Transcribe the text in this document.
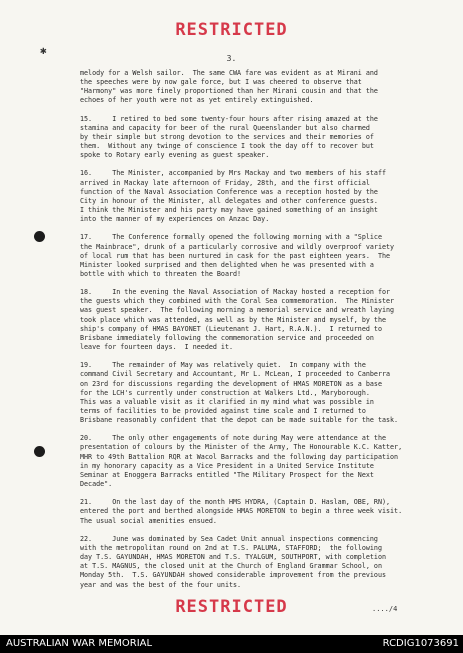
RESTRICTED
3.
✱
melody for a Welsh sailor.  The same CWA fare was evident as at Mirani and
the speeches were by now gale force, but I was cheered to observe that
"Harmony" was more finely proportioned than her Mirani cousin and that the
echoes of her youth were not as yet entirely extinguished.
15.     I retired to bed some twenty-four hours after rising amazed at the
stamina and capacity for beer of the rural Queenslander but also charmed
by their simple but strong devotion to the services and their memories of
them.  Without any twinge of conscience I took the day off to recover but
spoke to Rotary early evening as guest speaker.
16.     The Minister, accompanied by Mrs Mackay and two members of his staff
arrived in Mackay late afternoon of Friday, 28th, and the first official
function of the Naval Association Conference was a reception hosted by the
City in honour of the Minister, all delegates and other conference guests.
I think the Minister and his party may have gained something of an insight
into the manner of my experiences on Anzac Day.
17.     The Conference formally opened the following morning with a "Splice
the Mainbrace", drunk of a particularly corrosive and wildly overproof variety
of local rum that has been nurtured in cask for the past eighteen years.  The
Minister looked surprised and then delighted when he was presented with a
bottle with which to threaten the Board!
18.     In the evening the Naval Association of Mackay hosted a reception for
the guests which they combined with the Coral Sea commemoration.  The Minister
was guest speaker.  The following morning a memorial service and wreath laying
took place which was attended, as well as by the Minister and myself, by the
ship's company of HMAS BAYONET (Lieutenant J. Hart, R.A.N.).  I returned to
Brisbane immediately following the commemoration service and proceeded on
leave for fourteen days.  I needed it.
19.     The remainder of May was relatively quiet.  In company with the
command Civil Secretary and Accountant, Mr L. McLean, I proceeded to Canberra
on 23rd for discussions regarding the development of HMAS MORETON as a base
for the LCH's currently under construction at Walkers Ltd., Maryborough.
This was a valuable visit as it clarified in my mind what was possible in
terms of facilities to be provided against time scale and I returned to
Brisbane reasonably confident that the depot can be made suitable for the task.
20.     The only other engagements of note during May were attendance at the
presentation of colours by the Minister of the Army, The Honourable K.C. Katter,
MHR to 49th Battalion RQR at Wacol Barracks and the following day participation
in my honorary capacity as a Vice President in a United Service Institute
Seminar at Enoggera Barracks entitled "The Military Prospect for the Next
Decade".
21.     On the last day of the month HMS HYDRA, (Captain D. Haslam, OBE, RN),
entered the port and berthed alongside HMAS MORETON to begin a three week visit.
The usual social amenities ensued.
22.     June was dominated by Sea Cadet Unit annual inspections commencing
with the metropolitan round on 2nd at T.S. PALUMA, STAFFORD;  the following
day T.S. GAYUNDAH, HMAS MORETON and T.S. TYALGUM, SOUTHPORT, with completion
at T.S. MAGNUS, the closed unit at the Church of England Grammar School, on
Monday 5th.  T.S. GAYUNDAH showed considerable improvement from the previous
year and was the best of the four units.
RESTRICTED	..../4
AUSTRALIAN WAR MEMORIAL	RCDIG1073691
